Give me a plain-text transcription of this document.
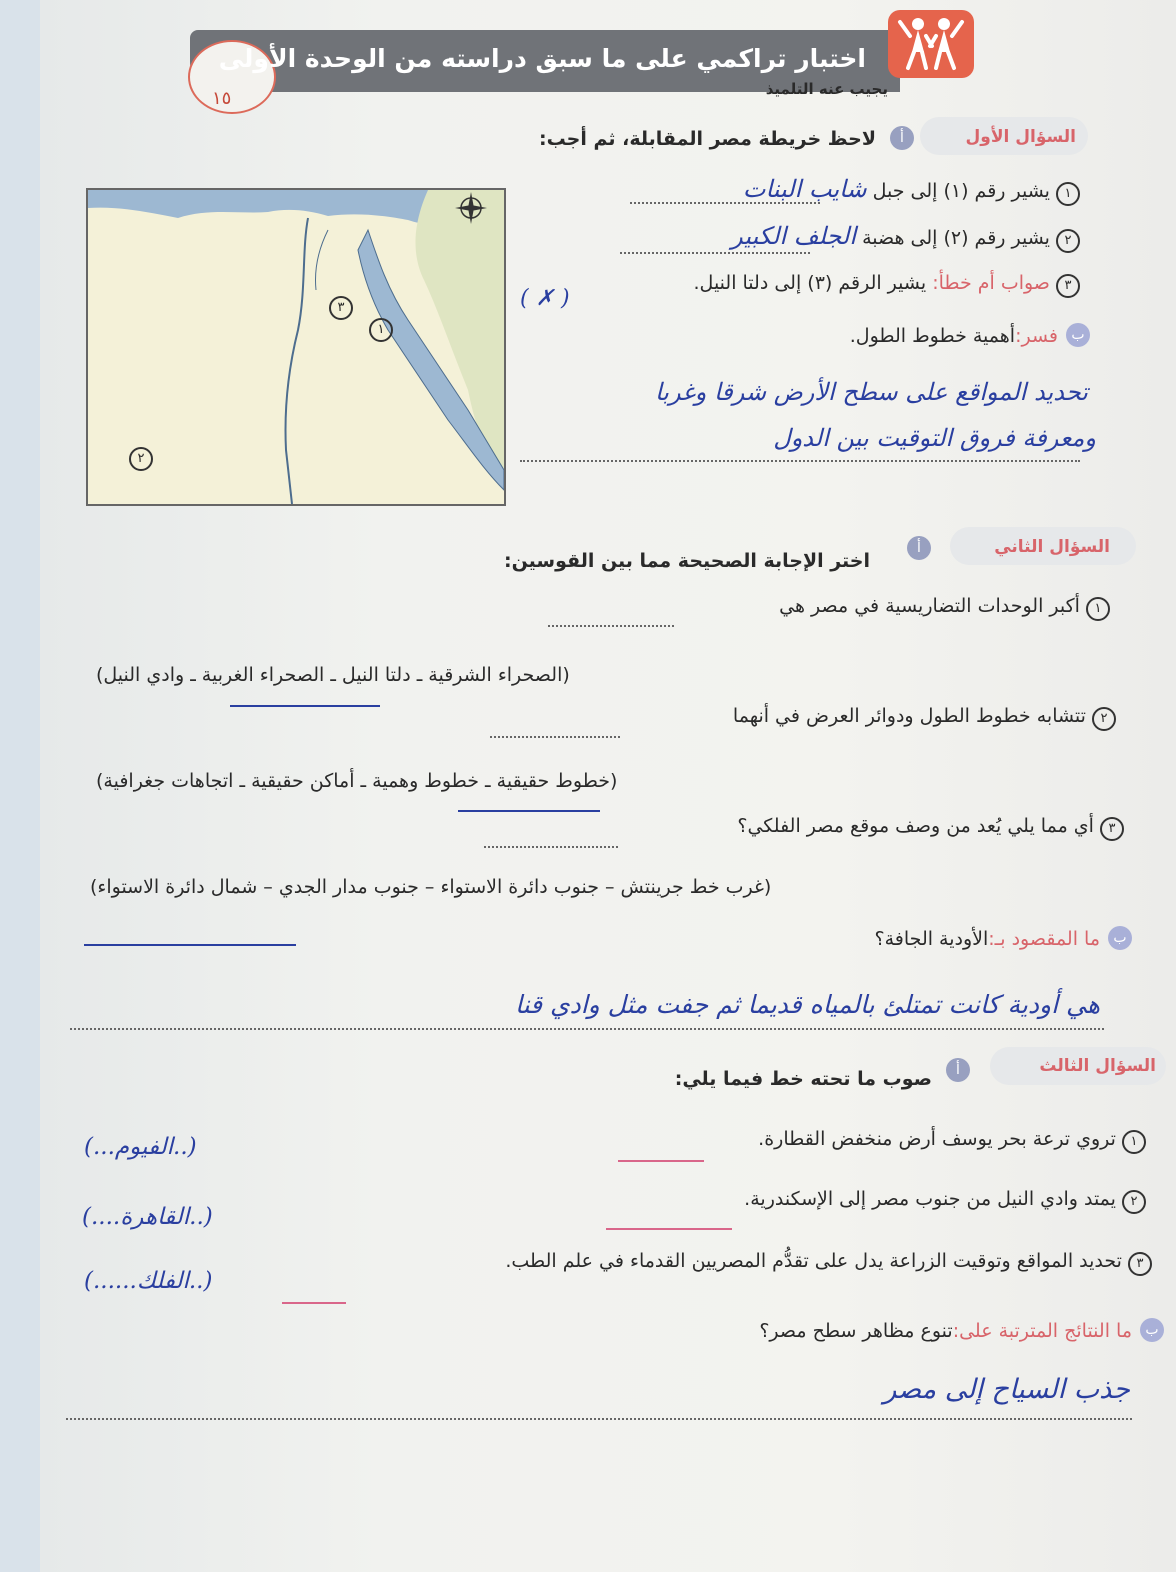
١٥
اختبار تراكمي على ما سبق دراسته من الوحدة الأولى
يجيب عنه التلميذ
السؤال الأول
أ
لاحظ خريطة مصر المقابلة، ثم أجب:
١ يشير رقم (١) إلى جبل شايب البنات
٢ يشير رقم (٢) إلى هضبة الجلف الكبير
٣ صواب أم خطأ: يشير الرقم (٣) إلى دلتا النيل.
( ✗ )
ب
فسر:أهمية خطوط الطول.
تحديد المواقع على سطح الأرض شرقا وغربا
ومعرفة فروق التوقيت بين الدول
٣
١
٢
السؤال الثاني
أ
اختر الإجابة الصحيحة مما بين القوسين:
١ أكبر الوحدات التضاريسية في مصر هي
(الصحراء الشرقية ـ دلتا النيل ـ الصحراء الغربية ـ وادي النيل)
٢ تتشابه خطوط الطول ودوائر العرض في أنهما
(خطوط حقيقية ـ خطوط وهمية ـ أماكن حقيقية ـ اتجاهات جغرافية)
٣ أي مما يلي يُعد من وصف موقع مصر الفلكي؟
(غرب خط جرينتش – جنوب دائرة الاستواء – جنوب مدار الجدي – شمال دائرة الاستواء)
ب
ما المقصود بـ:الأودية الجافة؟
هي أودية كانت تمتلئ بالمياه قديما ثم جفت مثل وادي قنا
السؤال الثالث
أ
صوب ما تحته خط فيما يلي:
١ تروي ترعة بحر يوسف أرض منخفض القطارة.
(..الفيوم...)
٢ يمتد وادي النيل من جنوب مصر إلى الإسكندرية.
(..القاهرة....)
٣ تحديد المواقع وتوقيت الزراعة يدل على تقدُّم المصريين القدماء في علم الطب.
(..الفلك......)
ب
ما النتائج المترتبة على:تنوع مظاهر سطح مصر؟
جذب السياح إلى مصر
